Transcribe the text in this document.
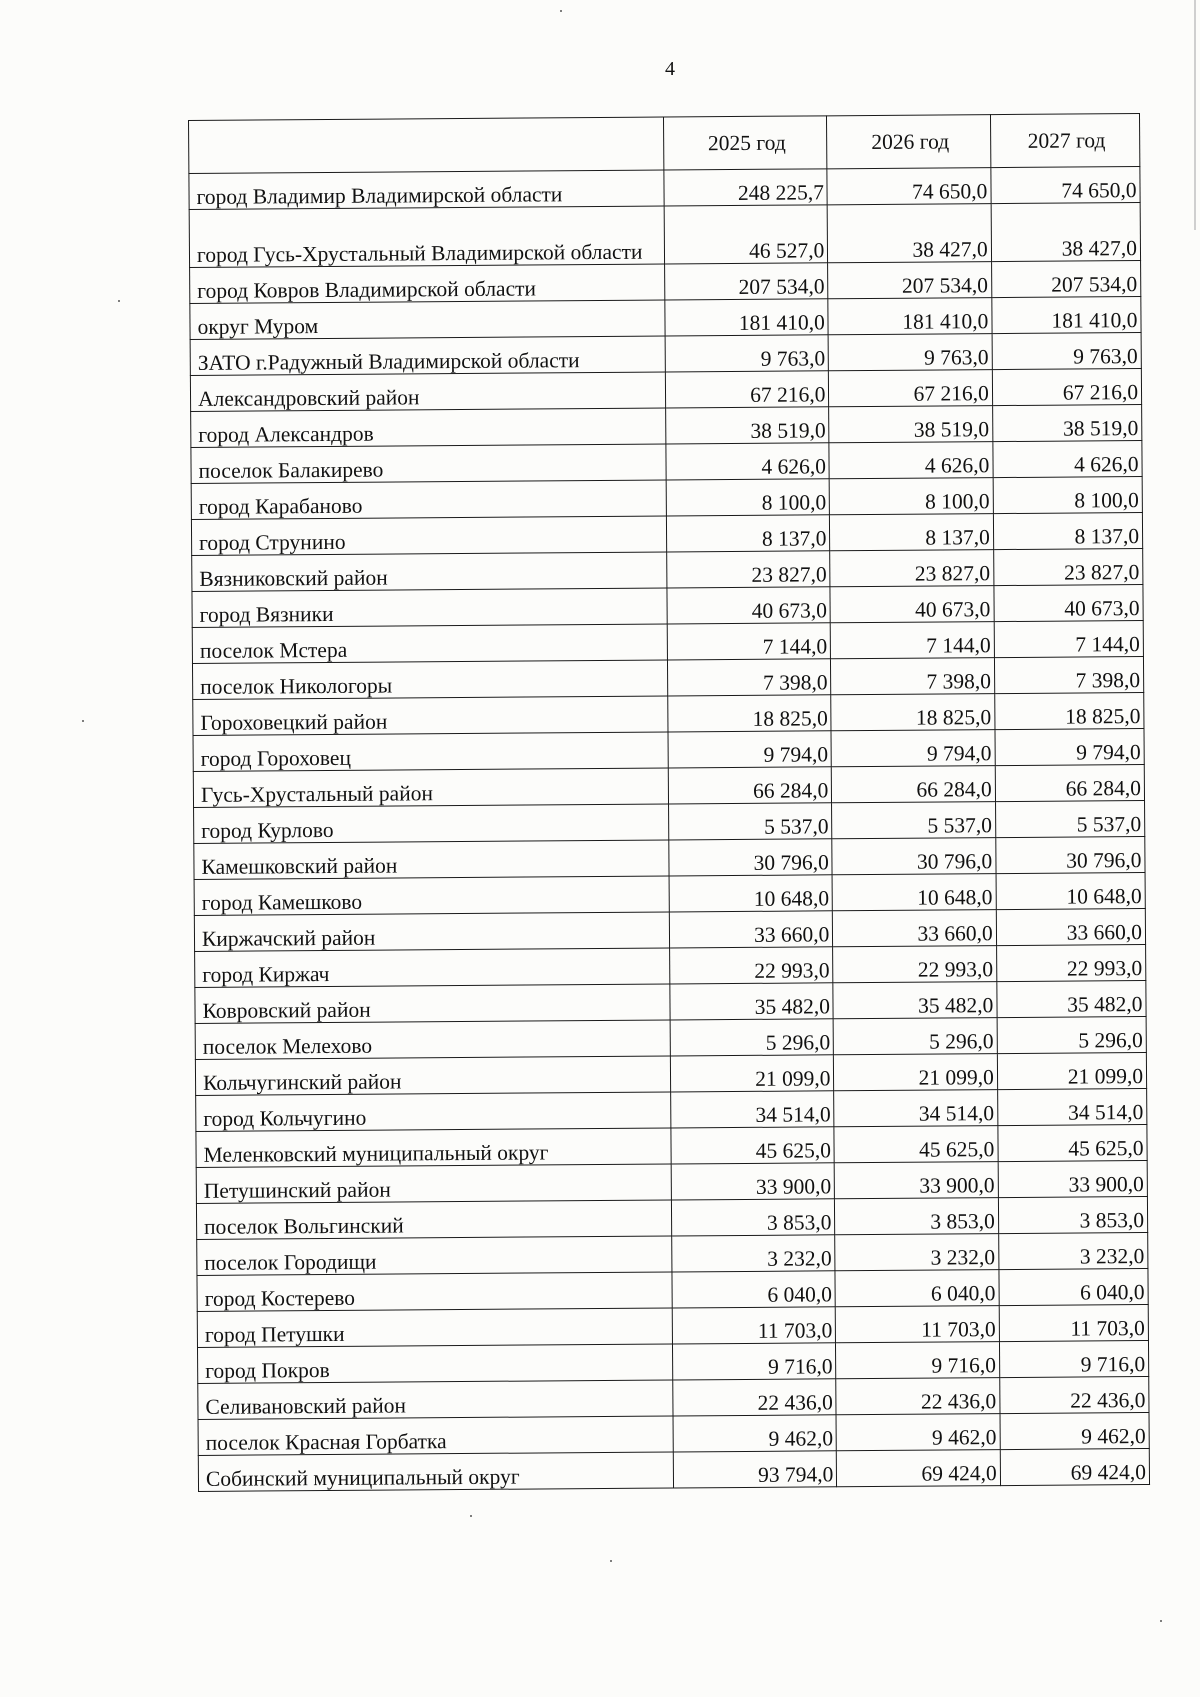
4
	2025 год	2026 год	2027 год
город Владимир Владимирской области	248 225,7	74 650,0	74 650,0
город Гусь-Хрустальный Владимирской области	46 527,0	38 427,0	38 427,0
город Ковров Владимирской области	207 534,0	207 534,0	207 534,0
округ Муром	181 410,0	181 410,0	181 410,0
ЗАТО г.Радужный Владимирской области	9 763,0	9 763,0	9 763,0
Александровский район	67 216,0	67 216,0	67 216,0
город Александров	38 519,0	38 519,0	38 519,0
поселок Балакирево	4 626,0	4 626,0	4 626,0
город Карабаново	8 100,0	8 100,0	8 100,0
город Струнино	8 137,0	8 137,0	8 137,0
Вязниковский район	23 827,0	23 827,0	23 827,0
город Вязники	40 673,0	40 673,0	40 673,0
поселок Мстера	7 144,0	7 144,0	7 144,0
поселок Никологоры	7 398,0	7 398,0	7 398,0
Гороховецкий район	18 825,0	18 825,0	18 825,0
город Гороховец	9 794,0	9 794,0	9 794,0
Гусь-Хрустальный район	66 284,0	66 284,0	66 284,0
город Курлово	5 537,0	5 537,0	5 537,0
Камешковский район	30 796,0	30 796,0	30 796,0
город Камешково	10 648,0	10 648,0	10 648,0
Киржачский район	33 660,0	33 660,0	33 660,0
город Киржач	22 993,0	22 993,0	22 993,0
Ковровский район	35 482,0	35 482,0	35 482,0
поселок Мелехово	5 296,0	5 296,0	5 296,0
Кольчугинский район	21 099,0	21 099,0	21 099,0
город Кольчугино	34 514,0	34 514,0	34 514,0
Меленковский муниципальный округ	45 625,0	45 625,0	45 625,0
Петушинский район	33 900,0	33 900,0	33 900,0
поселок Вольгинский	3 853,0	3 853,0	3 853,0
поселок Городищи	3 232,0	3 232,0	3 232,0
город Костерево	6 040,0	6 040,0	6 040,0
город Петушки	11 703,0	11 703,0	11 703,0
город Покров	9 716,0	9 716,0	9 716,0
Селивановский район	22 436,0	22 436,0	22 436,0
поселок Красная Горбатка	9 462,0	9 462,0	9 462,0
Собинский муниципальный округ	93 794,0	69 424,0	69 424,0
